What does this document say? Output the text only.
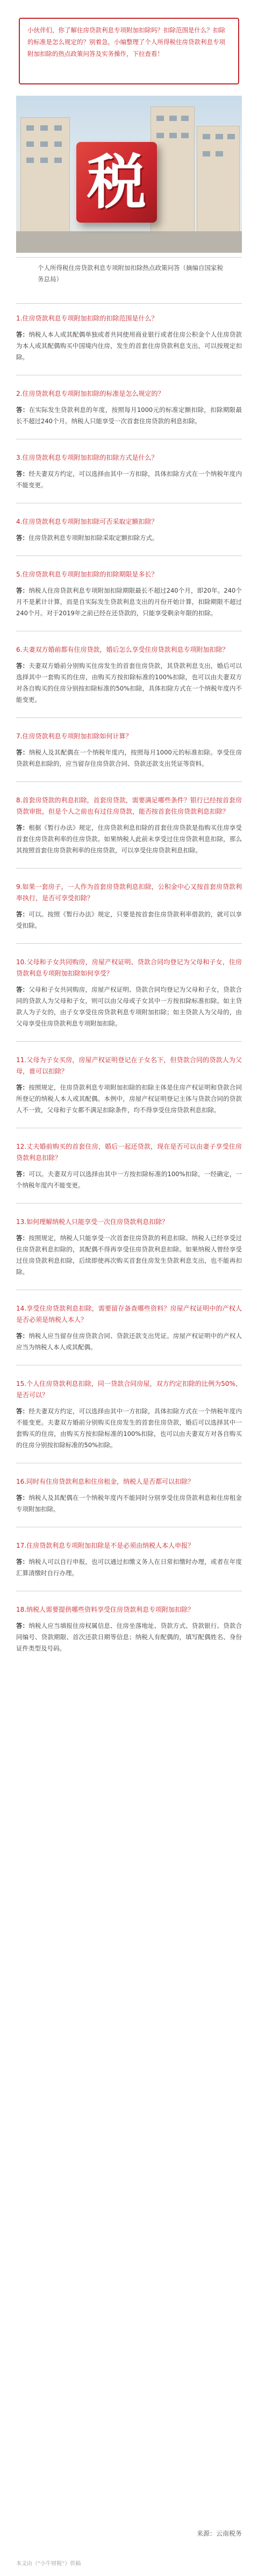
小伙伴们，你了解住房贷款利息专项附加扣除吗？扣除范围是什么？扣除的标准是怎么规定的？别着急，小编整理了个人所得税住房贷款利息专项附加扣除的热点政策问答及实务操作，下拉查看！
税
个人所得税住房贷款利息专项附加扣除热点政策问答（摘编自国家税务总局）

1.住房贷款利息专项附加扣除的扣除范围是什么？

答：纳税人本人或其配偶单独或者共同使用商业银行或者住房公积金个人住房贷款为本人或其配偶购买中国境内住房，发生的首套住房贷款利息支出，可以按规定扣除。

2.住房贷款利息专项附加扣除的标准是怎么规定的？

答：在实际发生贷款利息的年度，按照每月1000元的标准定额扣除，扣除期限最长不超过240个月。纳税人只能享受一次首套住房贷款的利息扣除。

3.住房贷款利息专项附加扣除的扣除方式是什么？

答：经夫妻双方约定，可以选择由其中一方扣除，具体扣除方式在一个纳税年度内不能变更。

4.住房贷款利息专项附加扣除可否采取定额扣除？

答：住房贷款利息专项附加扣除采取定额扣除方式。

5.住房贷款利息专项附加扣除的扣除期限是多长？

答：纳税人住房贷款利息专项附加扣除期限最长不超过240个月，即20年。240个月不是累计计算，而是自实际发生贷款利息支出的月份开始计算，扣除期限不超过240个月。对于2019年之前已经在还贷款的，只能享受剩余年限的扣除。

6.夫妻双方婚前都有住房贷款，婚后怎么享受住房贷款利息专项附加扣除？

答：夫妻双方婚前分别购买住房发生的首套住房贷款，其贷款利息支出，婚后可以选择其中一套购买的住房，由购买方按扣除标准的100%扣除，也可以由夫妻双方对各自购买的住房分别按扣除标准的50%扣除，具体扣除方式在一个纳税年度内不能变更。

7.住房贷款利息专项附加扣除如何计算？

答：纳税人及其配偶在一个纳税年度内，按照每月1000元的标准扣除。享受住房贷款利息扣除的，应当留存住房贷款合同、贷款还款支出凭证等资料。

8.首套房贷款的利息扣除，首套房贷款，需要满足哪些条件？银行已经按首套房贷款审批，但是个人之前也有过住房贷款，能否按首套住房贷款利息扣除？

答：根据《暂行办法》规定，住房贷款利息扣除的首套住房贷款是指购买住房享受首套住房贷款利率的住房贷款。如果纳税人此前未享受过住房贷款利息扣除，那么其按照首套住房贷款利率的住房贷款，可以享受住房贷款利息扣除。

9.如果一套房子，一人作为首套房贷款利息扣除，公积金中心又按首套房贷款利率执行，是否可享受扣除？

答：可以。按照《暂行办法》规定，只要是按首套住房贷款利率借款的，就可以享受扣除。

10.父母和子女共同购房，房屋产权证明、贷款合同均登记为父母和子女，住房贷款利息专项附加扣除如何享受？

答：父母和子女共同购房，房屋产权证明、贷款合同均登记为父母和子女，贷款合同的贷款人为父母和子女，则可以由父母或子女其中一方按扣除标准扣除。如主贷款人为子女的，由子女享受住房贷款利息专项附加扣除；如主贷款人为父母的，由父母享受住房贷款利息专项附加扣除。

11.父母为子女买房，房屋产权证明登记在子女名下，但贷款合同的贷款人为父母，谁可以扣除？

答：按照规定，住房贷款利息专项附加扣除的扣除主体是住房产权证明和贷款合同所登记的纳税人本人或其配偶。本例中，房屋产权证明登记主体与贷款合同的贷款人不一致，父母和子女都不满足扣除条件，均不得享受住房贷款利息扣除。

12.丈夫婚前购买的首套住房，婚后一起还贷款，现在是否可以由妻子享受住房贷款利息扣除？

答：可以。夫妻双方可以选择由其中一方按扣除标准的100%扣除，一经确定，一个纳税年度内不能变更。

13.如何理解纳税人只能享受一次住房贷款利息扣除？

答：按照规定，纳税人只能享受一次首套住房贷款的利息扣除。纳税人已经享受过住房贷款利息扣除的，其配偶不得再享受住房贷款利息扣除。如果纳税人曾经享受过住房贷款利息扣除，后续即使再次购买首套住房发生贷款利息支出，也不能再扣除。

14.享受住房贷款利息扣除，需要留存备查哪些资料？房屋产权证明中的产权人是否必须是纳税人本人？

答：纳税人应当留存住房贷款合同、贷款还款支出凭证。房屋产权证明中的产权人应当为纳税人本人或其配偶。

15.个人住房贷款利息扣除，同一贷款合同房屋，双方约定扣除的比例为50%，是否可以？

答：经夫妻双方约定，可以选择由其中一方扣除，具体扣除方式在一个纳税年度内不能变更。夫妻双方婚前分别购买住房发生的首套住房贷款，婚后可以选择其中一套购买的住房，由购买方按扣除标准的100%扣除，也可以由夫妻双方对各自购买的住房分别按扣除标准的50%扣除。

16.同时有住房贷款利息和住房租金，纳税人是否都可以扣除？

答：纳税人及其配偶在一个纳税年度内不能同时分别享受住房贷款利息和住房租金专项附加扣除。

17.住房贷款利息专项附加扣除是不是必须由纳税人本人申报？

答：纳税人可以自行申报，也可以通过扣缴义务人在日常扣缴时办理，或者在年度汇算清缴时自行办理。

18.纳税人需要提供哪些资料享受住房贷款利息专项附加扣除？

答：纳税人应当填报住房权属信息、住房坐落地址、贷款方式、贷款银行、贷款合同编号、贷款期限、首次还款日期等信息；纳税人有配偶的，填写配偶姓名、身份证件类型及号码。

来源：云南税务
本文由（“小牛财税”）供稿
